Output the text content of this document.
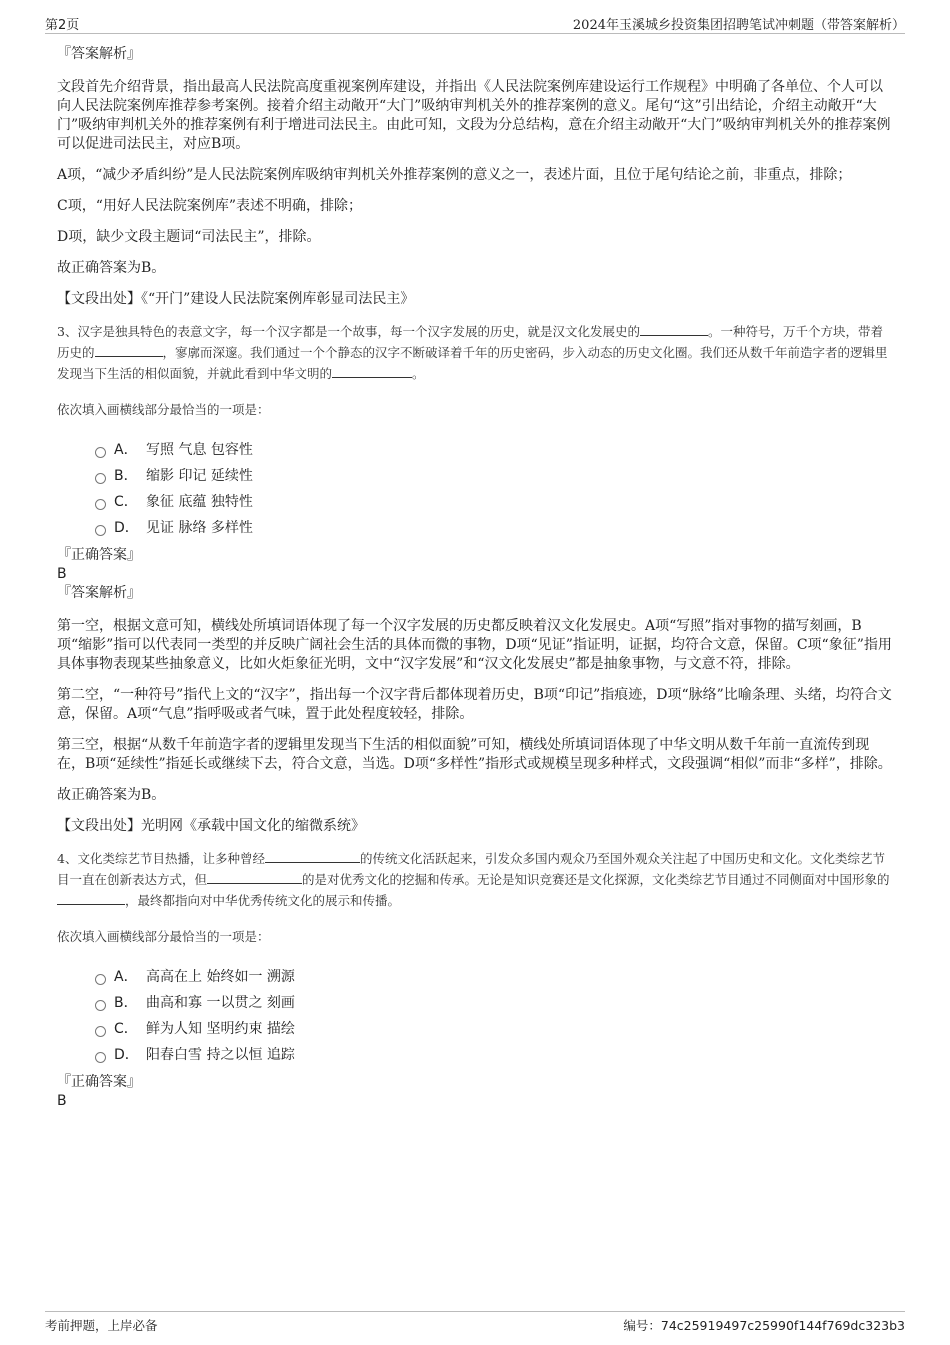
第2页	2024年玉溪城乡投资集团招聘笔试冲刺题（带答案解析）
『答案解析』

文段首先介绍背景，指出最高人民法院高度重视案例库建设，并指出《人民法院案例库建设运行工作规程》中明确了各单位、个人可以向人民法院案例库推荐参考案例。接着介绍主动敞开“大门”吸纳审判机关外的推荐案例的意义。尾句“这”引出结论，介绍主动敞开“大门”吸纳审判机关外的推荐案例有利于增进司法民主。由此可知，文段为分总结构，意在介绍主动敞开“大门”吸纳审判机关外的推荐案例可以促进司法民主，对应B项。

A项，“减少矛盾纠纷”是人民法院案例库吸纳审判机关外推荐案例的意义之一，表述片面，且位于尾句结论之前，非重点，排除；

C项，“用好人民法院案例库”表述不明确，排除；

D项，缺少文段主题词“司法民主”，排除。

故正确答案为B。

【文段出处】《“开门”建设人民法院案例库彰显司法民主》

3、汉字是独具特色的表意文字，每一个汉字都是一个故事，每一个汉字发展的历史，就是汉文化发展史的	。一种符号，万千个方块，带着历史的	，寥廓而深邃。我们通过一个个静态的汉字不断破译着千年的历史密码，步入动态的历史文化圈。我们还从数千年前造字者的逻辑里发现当下生活的相似面貌，并就此看到中华文明的	。

依次填入画横线部分最恰当的一项是：

A． 写照 气息 包容性
B． 缩影 印记 延续性
C． 象征 底蕴 独特性
D． 见证 脉络 多样性
『正确答案』
B
『答案解析』

第一空，根据文意可知，横线处所填词语体现了每一个汉字发展的历史都反映着汉文化发展史。A项“写照”指对事物的描写刻画，B项“缩影”指可以代表同一类型的并反映广阔社会生活的具体而微的事物，D项“见证”指证明，证据，均符合文意，保留。C项“象征”指用具体事物表现某些抽象意义，比如火炬象征光明，文中“汉字发展”和“汉文化发展史”都是抽象事物，与文意不符，排除。

第二空，“一种符号”指代上文的“汉字”，指出每一个汉字背后都体现着历史，B项“印记”指痕迹，D项“脉络”比喻条理、头绪，均符合文意，保留。A项“气息”指呼吸或者气味，置于此处程度较轻，排除。

第三空，根据“从数千年前造字者的逻辑里发现当下生活的相似面貌”可知，横线处所填词语体现了中华文明从数千年前一直流传到现在，B项“延续性”指延长或继续下去，符合文意，当选。D项“多样性”指形式或规模呈现多种样式，文段强调“相似”而非“多样”，排除。

故正确答案为B。

【文段出处】光明网《承载中国文化的缩微系统》

4、文化类综艺节目热播，让多种曾经	的传统文化活跃起来，引发众多国内观众乃至国外观众关注起了中国历史和文化。文化类综艺节目一直在创新表达方式，但	的是对优秀文化的挖掘和传承。无论是知识竞赛还是文化探源，文化类综艺节目通过不同侧面对中国形象的，最终都指向对中华优秀传统文化的展示和传播。

依次填入画横线部分最恰当的一项是：

A． 高高在上 始终如一 溯源
B． 曲高和寡 一以贯之 刻画
C． 鲜为人知 坚明约束 描绘
D． 阳春白雪 持之以恒 追踪
『正确答案』
B
考前押题，上岸必备	编号：74c25919497c25990f144f769dc323b3
